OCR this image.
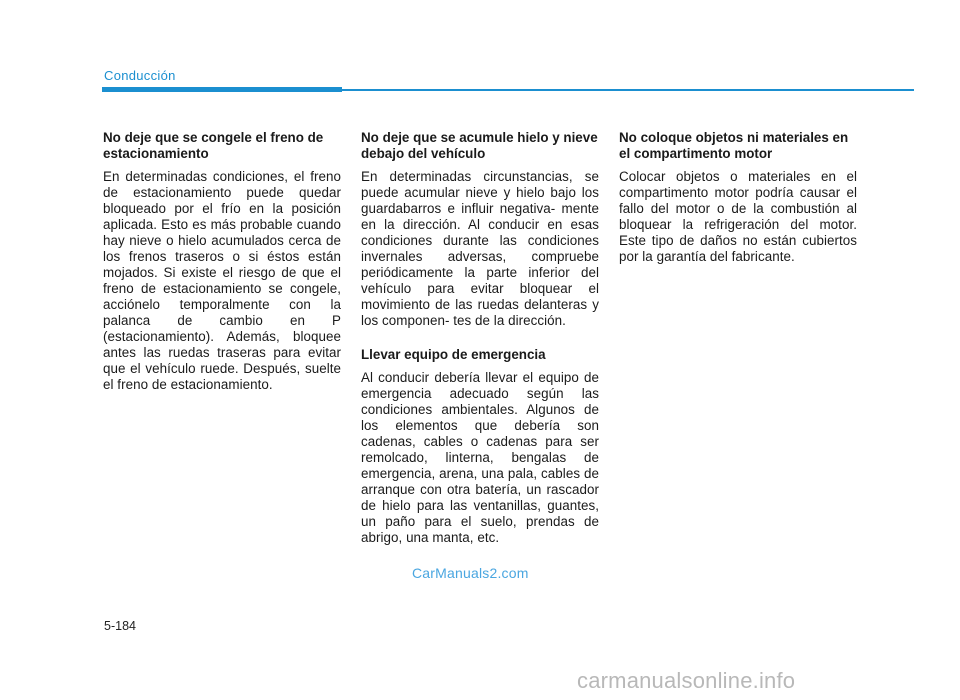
Conducción
No deje que se congele el freno de estacionamiento

En determinadas condiciones, el freno de estacionamiento puede quedar bloqueado por el frío en la posición aplicada. Esto es más probable cuando hay nieve o hielo acumulados cerca de los frenos traseros o si éstos están mojados. Si existe el riesgo de que el freno de estacionamiento se congele, acciónelo temporalmente con la palanca de cambio en P (estacionamiento). Además, bloquee antes las ruedas traseras para evitar que el vehículo ruede. Después, suelte el freno de estacionamiento.

No deje que se acumule hielo y nieve debajo del vehículo

En determinadas circunstancias, se puede acumular nieve y hielo bajo los guardabarros e influir negativa- mente en la dirección. Al conducir en esas condiciones durante las condiciones invernales adversas, compruebe periódicamente la parte inferior del vehículo para evitar bloquear el movimiento de las ruedas delanteras y los componen- tes de la dirección.

Llevar equipo de emergencia

Al conducir debería llevar el equipo de emergencia adecuado según las condiciones ambientales. Algunos de los elementos que debería son cadenas, cables o cadenas para ser remolcado, linterna, bengalas de emergencia, arena, una pala, cables de arranque con otra batería, un rascador de hielo para las ventanillas, guantes, un paño para el suelo, prendas de abrigo, una manta, etc.

No coloque objetos ni materiales en el compartimento motor

Colocar objetos o materiales en el compartimento motor podría causar el fallo del motor o de la combustión al bloquear la refrigeración del motor. Este tipo de daños no están cubiertos por la garantía del fabricante.

CarManuals2.com
5-184
carmanualsonline.info
